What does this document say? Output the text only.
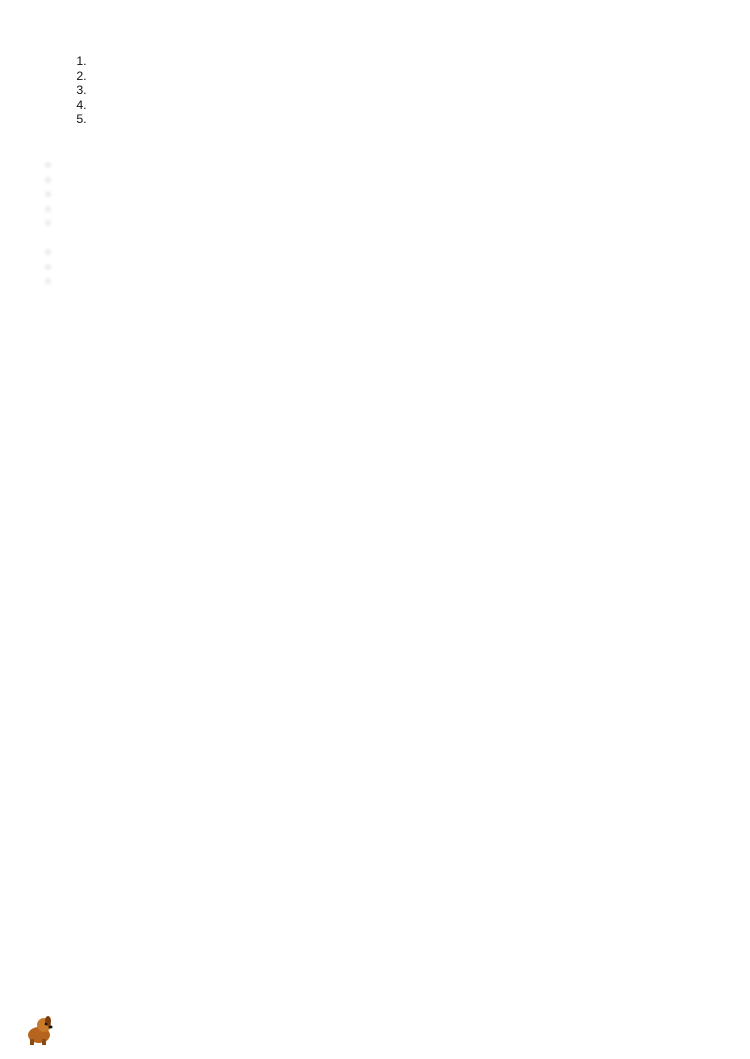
1.
2.
3.
4.
5.

-
-

-
-
-

-
-
-
